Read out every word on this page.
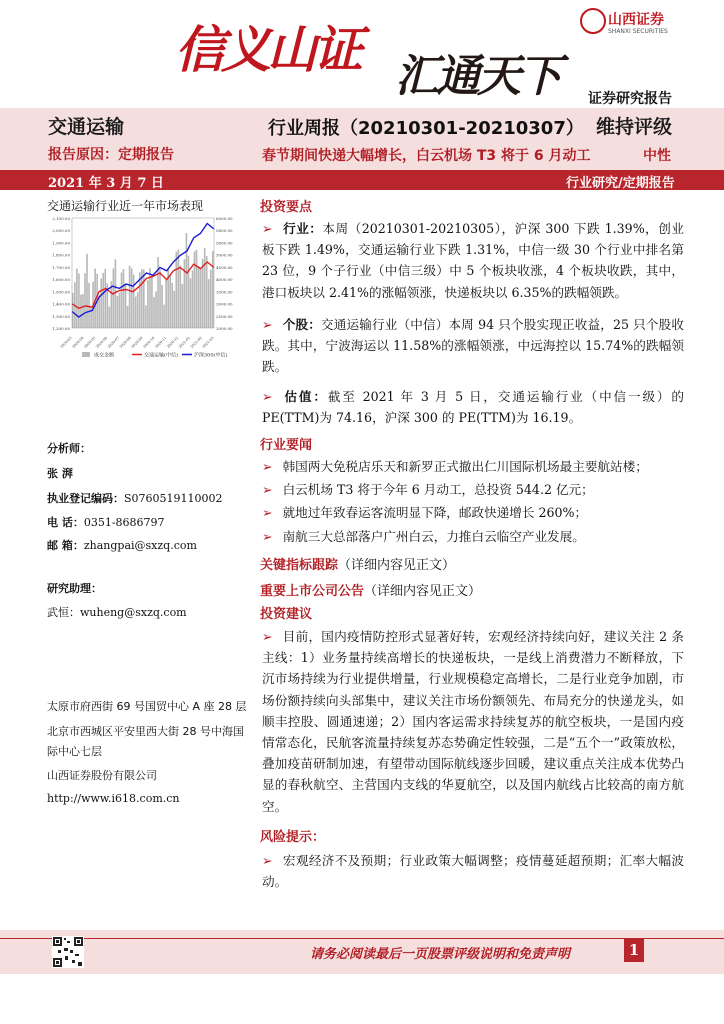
信义山证 汇通天下
山西证券
SHANXI SECURITIES
证券研究报告
交通运输	行业周报（20210301-20210307） 维持评级
报告原因：定期报告	春节期间快递大幅增长，白云机场 T3 将于 6 月动工	中性
2021 年 3 月 7 日	行业研究/定期报告
交通运输行业近一年市场表现
2,100.00
2,000.00
1,900.00
1,800.00
1,700.00
1,600.00
1,500.00
1,400.00
1,300.00
1,200.00
6000.00
5800.00
5600.00
5000.00
4500.00
4000.00
3500.00
3000.00
2500.00
2000.00
2020-03
2020-04
2020-05
2020-06
2020-07
2020-08
2020-09
2020-10
2020-11
2020-12
2021-01
2021-02
2021-03
成交金额	交通运输(中信)	沪深300(中信)
分析师：
张 湃
执业登记编码：S0760519110002
电 话：0351-8686797
邮 箱：zhangpai@sxzq.com
研究助理：
武恒：wuheng@sxzq.com
太原市府西街 69 号国贸中心 A 座 28 层
北京市西城区平安里西大街 28 号中海国际中心七层
山西证券股份有限公司
http://www.i618.com.cn
投资要点
➢ 行业：本周（20210301-20210305），沪深 300 下跌 1.39%，创业板下跌 1.49%，交通运输行业下跌 1.31%，中信一级 30 个行业中排名第 23 位，9 个子行业（中信三级）中 5 个板块收涨，4 个板块收跌，其中，港口板块以 2.41%的涨幅领涨，快递板块以 6.35%的跌幅领跌。
➢ 个股：交通运输行业（中信）本周 94 只个股实现正收益，25 只个股收跌。其中，宁波海运以 11.58%的涨幅领涨，中远海控以 15.74%的跌幅领跌。
➢ 估值：截至 2021 年 3 月 5 日，交通运输行业（中信一级）的 PE(TTM)为 74.16，沪深 300 的 PE(TTM)为 16.19。
行业要闻
➢ 韩国两大免税店乐天和新罗正式撤出仁川国际机场最主要航站楼；
➢ 白云机场 T3 将于今年 6 月动工，总投资 544.2 亿元；
➢ 就地过年致春运客流明显下降，邮政快递增长 260%；
➢ 南航三大总部落户广州白云，力推白云临空产业发展。
关键指标跟踪（详细内容见正文）
重要上市公司公告（详细内容见正文）
投资建议
➢ 目前，国内疫情防控形式显著好转，宏观经济持续向好，建议关注 2 条主线：1）业务量持续高增长的快递板块，一是线上消费潜力不断释放，下沉市场持续为行业提供增量，行业规模稳定高增长，二是行业竞争加剧，市场份额持续向头部集中，建议关注市场份额领先、布局充分的快递龙头，如顺丰控股、圆通速递；2）国内客运需求持续复苏的航空板块，一是国内疫情常态化，民航客流量持续复苏态势确定性较强，二是“五个一”政策放松，叠加疫苗研制加速，有望带动国际航线逐步回暖，建议重点关注成本优势凸显的春秋航空、主营国内支线的华夏航空，以及国内航线占比较高的南方航空。
风险提示：
➢ 宏观经济不及预期；行业政策大幅调整；疫情蔓延超预期；汇率大幅波动。
请务必阅读最后一页股票评级说明和免责声明	1
